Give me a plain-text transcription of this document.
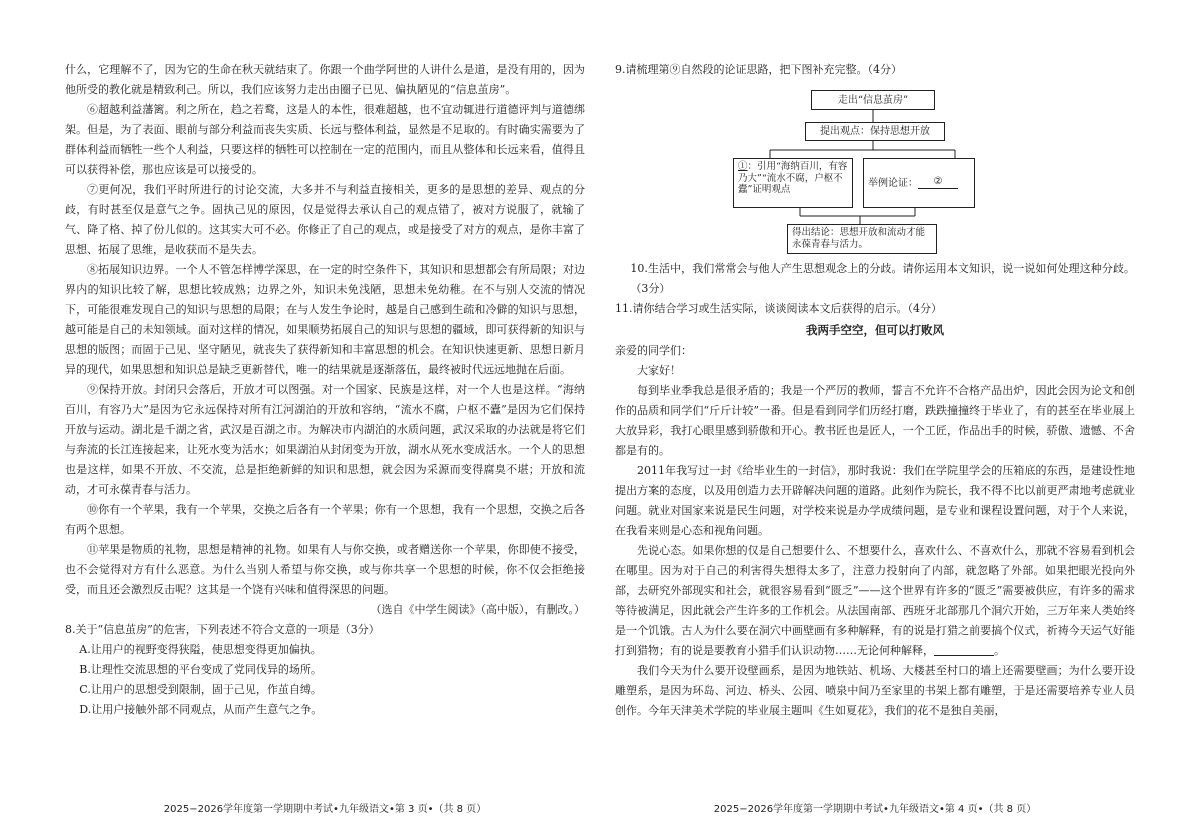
什么，它理解不了，因为它的生命在秋天就结束了。你跟一个曲学阿世的人讲什么是道，是没有用的，因为他所受的教化就是精致利己。所以，我们应该努力走出由圈子已见、偏执陋见的“信息茧房”。

⑥超越利益藩篱。利之所在，趋之若鹜，这是人的本性，很难超越，也不宜动辄进行道德评判与道德绑架。但是，为了表面、眼前与部分利益而丧失实质、长远与整体利益，显然是不足取的。有时确实需要为了群体利益而牺牲一些个人利益，只要这样的牺牲可以控制在一定的范围内，而且从整体和长远来看，值得且可以获得补偿，那也应该是可以接受的。

⑦更何况，我们平时所进行的讨论交流，大多并不与利益直接相关，更多的是思想的差异、观点的分歧，有时甚至仅是意气之争。固执己见的原因，仅是觉得去承认自己的观点错了，被对方说服了，就输了气、降了格、掉了份儿似的。这其实大可不必。你修正了自己的观点，或是接受了对方的观点，是你丰富了思想、拓展了思维，是收获而不是失去。

⑧拓展知识边界。一个人不管怎样博学深思，在一定的时空条件下，其知识和思想都会有所局限；对边界内的知识比较了解，思想比较成熟；边界之外，知识未免浅陋，思想未免幼稚。在不与别人交流的情况下，可能很难发现自己的知识与思想的局限；在与人发生争论时，越是自己感到生疏和冷僻的知识与思想，越可能是自己的未知领域。面对这样的情况，如果顺势拓展自己的知识与思想的疆域，即可获得新的知识与思想的版图；而固于己见、坚守陋见，就丧失了获得新知和丰富思想的机会。在知识快速更新、思想日新月异的现代，如果思想和知识总是缺乏更新替代，唯一的结果就是逐渐落伍，最终被时代远远地抛在后面。

⑨保持开放。封闭只会落后，开放才可以图强。对一个国家、民族是这样，对一个人也是这样。“海纳百川，有容乃大”是因为它永远保持对所有江河湖泊的开放和容纳，“流水不腐，户枢不蠹”是因为它们保持开放与运动。湖北是千湖之省，武汉是百湖之市。为解决市内湖泊的水质问题，武汉采取的办法就是将它们与奔流的长江连接起来，让死水变为活水；如果湖泊从封闭变为开放，湖水从死水变成活水。一个人的思想也是这样，如果不开放、不交流，总是拒绝新鲜的知识和思想，就会因为采源而变得腐臭不堪；开放和流动，才可永葆青春与活力。

⑩你有一个苹果，我有一个苹果，交换之后各有一个苹果；你有一个思想，我有一个思想，交换之后各有两个思想。

⑪苹果是物质的礼物，思想是精神的礼物。如果有人与你交换，或者赠送你一个苹果，你即使不接受，也不会觉得对方有什么恶意。为什么当别人希望与你交换，或与你共享一个思想的时候，你不仅会拒绝接受，而且还会激烈反击呢？这其是一个饶有兴味和值得深思的问题。

（选自《中学生阅读》（高中版），有删改。）

8.关于“信息茧房”的危害，下列表述不符合文意的一项是（3分）

A.让用户的视野变得狭隘，使思想变得更加偏执。

B.让理性交流思想的平台变成了党同伐异的场所。

C.让用户的思想受到限制，固于己见，作茧自缚。

D.让用户接触外部不同观点，从而产生意气之争。

2025−2026学年度第一学期期中考试•九年级语文•第 3 页•（共 8 页）

9.请梳理第⑨自然段的论证思路，把下图补充完整。（4分）

走出“信息茧房”
提出观点：保持思想开放
①：引用“海纳百川，有容乃大”“流水不腐，户枢不蠹”证明观点
举例论证：	②
得出结论：思想开放和流动才能永葆青春与活力。

10.生活中，我们常常会与他人产生思想观念上的分歧。请你运用本文知识，说一说如何处理这种分歧。（3分）

11.请你结合学习或生活实际，谈谈阅读本文后获得的启示。（4分）

我两手空空，但可以打败风

亲爱的同学们：

大家好！

每到毕业季我总是很矛盾的；我是一个严厉的教师，誓言不允许不合格产品出炉，因此会因为论文和创作的品质和同学们“斤斤计较”一番。但是看到同学们历经打磨，跌跌撞撞终于毕业了，有的甚至在毕业展上大放异彩，我打心眼里感到骄傲和开心。教书匠也是匠人，一个工匠，作品出手的时候，骄傲、遗憾、不舍都是有的。

2011年我写过一封《给毕业生的一封信》，那时我说：我们在学院里学会的压箱底的东西，是建设性地提出方案的态度，以及用创造力去开辟解决问题的道路。此刻作为院长，我不得不比以前更严肃地考虑就业问题。就业对国家来说是民生问题，对学校来说是办学成绩问题，是专业和课程设置问题，对于个人来说，在我看来则是心态和视角问题。

先说心态。如果你想的仅是自己想要什么、不想要什么，喜欢什么、不喜欢什么，那就不容易看到机会在哪里。因为对于自己的利害得失想得太多了，注意力投射向了内部，就忽略了外部。如果把眼光投向外部，去研究外部现实和社会，就很容易看到“匮乏”——这个世界有许多的“匮乏”需要被供应，有许多的需求等待被满足，因此就会产生许多的工作机会。从法国南部、西班牙北部那几个洞穴开始，三万年来人类始终是一个饥饿。古人为什么要在洞穴中画壁画有多种解释，有的说是打猎之前要搞个仪式，祈祷今天运气好能打到猎物；有的说是要教育小猎手们认识动物……无论何种解释，	。

我们今天为什么要开设壁画系，是因为地铁站、机场、大楼甚至村口的墙上还需要壁画；为什么要开设雕塑系，是因为环岛、河边、桥头、公园、喷泉中间乃至家里的书架上都有雕塑，于是还需要培养专业人员创作。今年天津美术学院的毕业展主题叫《生如夏花》，我们的花不是独自美丽，

2025−2026学年度第一学期期中考试•九年级语文•第 4 页•（共 8 页）
